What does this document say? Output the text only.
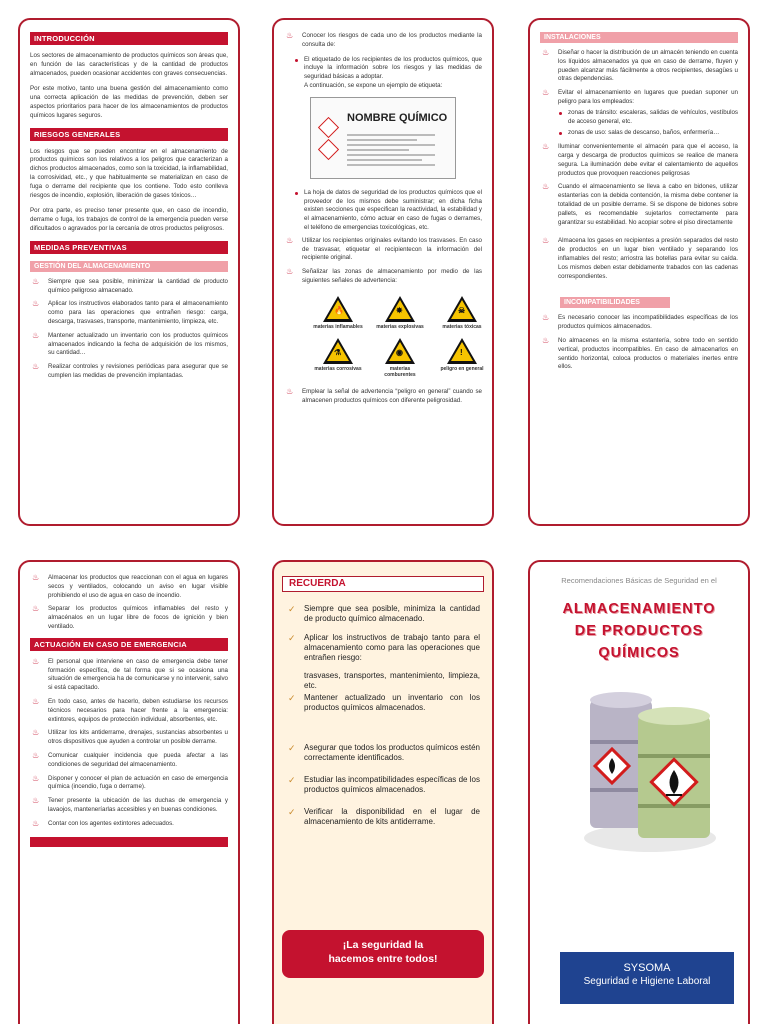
INTRODUCCIÓN

Los sectores de almacenamiento de productos químicos son áreas que, en función de las características y de la cantidad de productos almacenados, pueden ocasionar accidentes con graves consecuencias.

Por este motivo, tanto una buena gestión del almacenamiento como una correcta aplicación de las medidas de prevención, deben ser aspectos prioritarios para hacer de los almacenamientos de productos químicos lugares seguros.

RIESGOS GENERALES

Los riesgos que se pueden encontrar en el almacenamiento de productos químicos son los relativos a los peligros que caracterizan a dichos productos almacenados, como son la toxicidad, la inflamabilidad, la corrosividad, etc., y que habitualmente se materializan en caso de fuga o derrame del recipiente que los contiene. Todo esto conlleva riesgos de incendio, explosión, liberación de gases tóxicos…

Por otra parte, es preciso tener presente que, en caso de incendio, derrame o fuga, los trabajos de control de la emergencia pueden verse dificultados o agravados por la cercanía de otros productos peligrosos.

MEDIDAS PREVENTIVAS
GESTIÓN DEL ALMACENAMIENTO
♨ Siempre que sea posible, minimizar la cantidad de producto químico peligroso almacenado.
♨ Aplicar los instructivos elaborados tanto para el almacenamiento como para las operaciones que entrañen riesgo: carga, descarga, trasvases, transporte, mantenimiento, limpieza, etc.
♨ Mantener actualizado un inventario con los productos químicos almacenados indicando la fecha de adquisición de los mismos, su cantidad…
♨ Realizar controles y revisiones periódicas para asegurar que se cumplen las medidas de prevención implantadas.
♨ Conocer los riesgos de cada uno de los productos mediante la consulta de:
El etiquetado de los recipientes de los productos químicos, que incluye la información sobre los riesgos y las medidas de seguridad básicas a adoptar.
A continuación, se expone un ejemplo de etiqueta:
NOMBRE QUÍMICO
La hoja de datos de seguridad de los productos químicos que el proveedor de los mismos debe suministrar; en dicha ficha existen secciones que especifican la reactividad, la estabilidad y el almacenamiento, cómo actuar en caso de fugas o derrames, el teléfono de emergencias toxicológicas, etc.
♨ Utilizar los recipientes originales evitando los trasvases. En caso de trasvasar, etiquetar el recipientecon la información del recipiente original.
♨ Señalizar las zonas de almacenamiento por medio de las siguientes señales de advertencia:
🔥
materias inflamables
✸
materias explosivas
☠
materias tóxicas
⚗
materias corrosivas
◉
materias comburentes
!
peligro en general
♨ Emplear la señal de advertencia “peligro en general” cuando se almacenen productos químicos con diferente peligrosidad.
INSTALACIONES
♨ Diseñar o hacer la distribución de un almacén teniendo en cuenta los líquidos almacenados ya que en caso de derrame, fluyen y pueden alcanzar más fácilmente a otros recipientes, desagües u otras dependencias.
♨ Evitar el almacenamiento en lugares que puedan suponer un peligro para los empleados:
zonas de tránsito: escaleras, salidas de vehículos, vestíbulos de acceso general, etc.
zonas de uso: salas de descanso, baños, enfermería…
♨ Iluminar convenientemente el almacén para que el acceso, la carga y descarga de productos químicos se realice de manera segura. La iluminación debe evitar el calentamiento de aquellos productos que provoquen reacciones peligrosas
♨ Cuando el almacenamiento se lleva a cabo en bidones, utilizar estanterías con la debida contención, la misma debe contener la totalidad de un posible derrame. Si se dispone de bidones sobre pallets, es recomendable sujetarlos correctamente para garantizar su estabilidad. No acopiar sobre el piso directamente
♨ Almacena los gases en recipientes a presión separados del resto de productos en un lugar bien ventilado y separando los inflamables del resto; arriostra las botellas para evitar su caída. Los mismos deben estar debidamente trabados con las cadenas correspondientes.
INCOMPATIBILIDADES
♨ Es necesario conocer las incompatibilidades específicas de los productos químicos almacenados.
♨ No almacenes en la misma estantería, sobre todo en sentido vertical, productos incompatibles. En caso de almacenarlos en sentido horizontal, coloca productos o materiales inertes entre ellos.
♨ Almacenar los productos que reaccionan con el agua en lugares secos y ventilados, colocando un aviso en lugar visible prohibiendo el uso de agua en caso de incendio.
♨ Separar los productos químicos inflamables del resto y almacénalos en un lugar libre de focos de ignición y bien ventilado.
ACTUACIÓN EN CASO DE EMERGENCIA
♨ El personal que interviene en caso de emergencia debe tener formación específica, de tal forma que si se ocasiona una situación de emergencia ha de comunicarse y no intervenir, salvo si está capacitado.
♨ En todo caso, antes de hacerlo, deben estudiarse los recursos técnicos necesarios para hacer frente a la emergencia: extintores, equipos de protección individual, absorbentes, etc.
♨ Utilizar los kits antiderrame, drenajes, sustancias absorbentes u otros dispositivos que ayuden a controlar un posible derrame.
♨ Comunicar cualquier incidencia que pueda afectar a las condiciones de seguridad del almacenamiento.
♨ Disponer y conocer el plan de actuación en caso de emergencia química (incendio, fuga o derrame).
♨ Tener presente la ubicación de las duchas de emergencia y lavaojos, manteneríarlas accesibles y en buenas condiciones.
♨ Contar con los agentes extintores adecuados.
RECUERDA
✓ Siempre que sea posible, minimiza la cantidad de producto químico almacenado.
✓ Aplicar los instructivos de trabajo tanto para el almacenamiento como para las operaciones que entrañen riesgo:
trasvases, transportes, mantenimiento, limpieza, etc.
✓ Mantener actualizado un inventario con los productos químicos almacenados.
✓ Asegurar que todos los productos químicos estén correctamente identificados.
✓ Estudiar las incompatibilidades específicas de los productos químicos almacenados.
✓ Verificar la disponibilidad en el lugar de almacenamiento de kits antiderrame.
¡La seguridad la
hacemos entre todos!
Recomendaciones Básicas de Seguridad en el
ALMACENAMIENTO
DE PRODUCTOS
QUÍMICOS
SYSOMA
Seguridad e Higiene Laboral
